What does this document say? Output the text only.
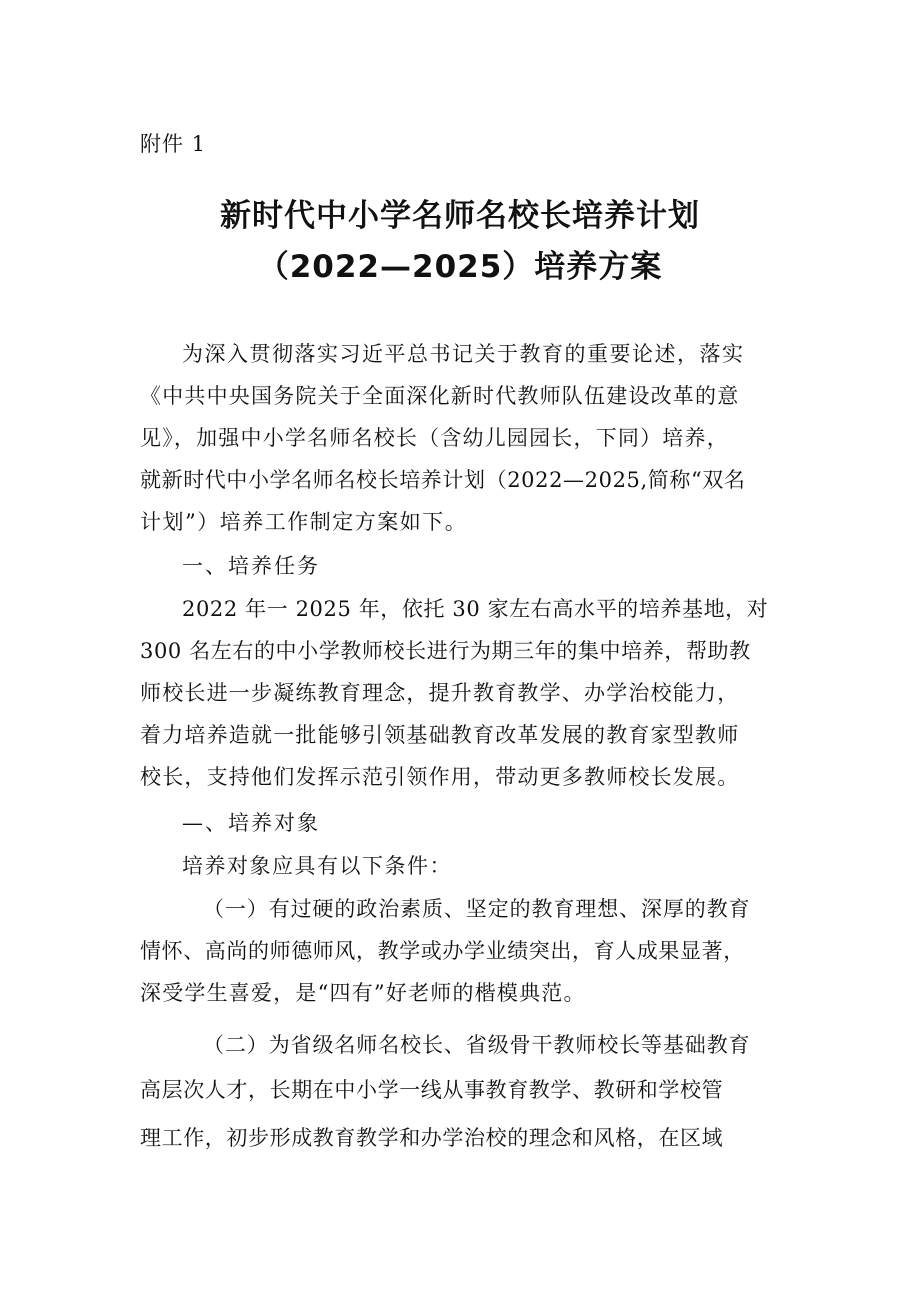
附件 1
新时代中小学名师名校长培养计划
（2022—2025）培养方案
为深入贯彻落实习近平总书记关于教育的重要论述，落实
《中共中央国务院关于全面深化新时代教师队伍建设改革的意
见》，加强中小学名师名校长（含幼儿园园长，下同）培养，
就新时代中小学名师名校长培养计划（2022—2025,简称“双名
计划”）培养工作制定方案如下。
一、培养任务
2022 年一 2025 年，依托 30 家左右高水平的培养基地，对
300 名左右的中小学教师校长进行为期三年的集中培养，帮助教
师校长进一步凝练教育理念，提升教育教学、办学治校能力，
着力培养造就一批能够引领基础教育改革发展的教育家型教师
校长，支持他们发挥示范引领作用，带动更多教师校长发展。
—、培养对象
培养对象应具有以下条件：
（一）有过硬的政治素质、坚定的教育理想、深厚的教育
情怀、高尚的师德师风，教学或办学业绩突出，育人成果显著，
深受学生喜爱，是“四有”好老师的楷模典范。
（二）为省级名师名校长、省级骨干教师校长等基础教育
高层次人才，长期在中小学一线从事教育教学、教研和学校管
理工作，初步形成教育教学和办学治校的理念和风格，在区域
